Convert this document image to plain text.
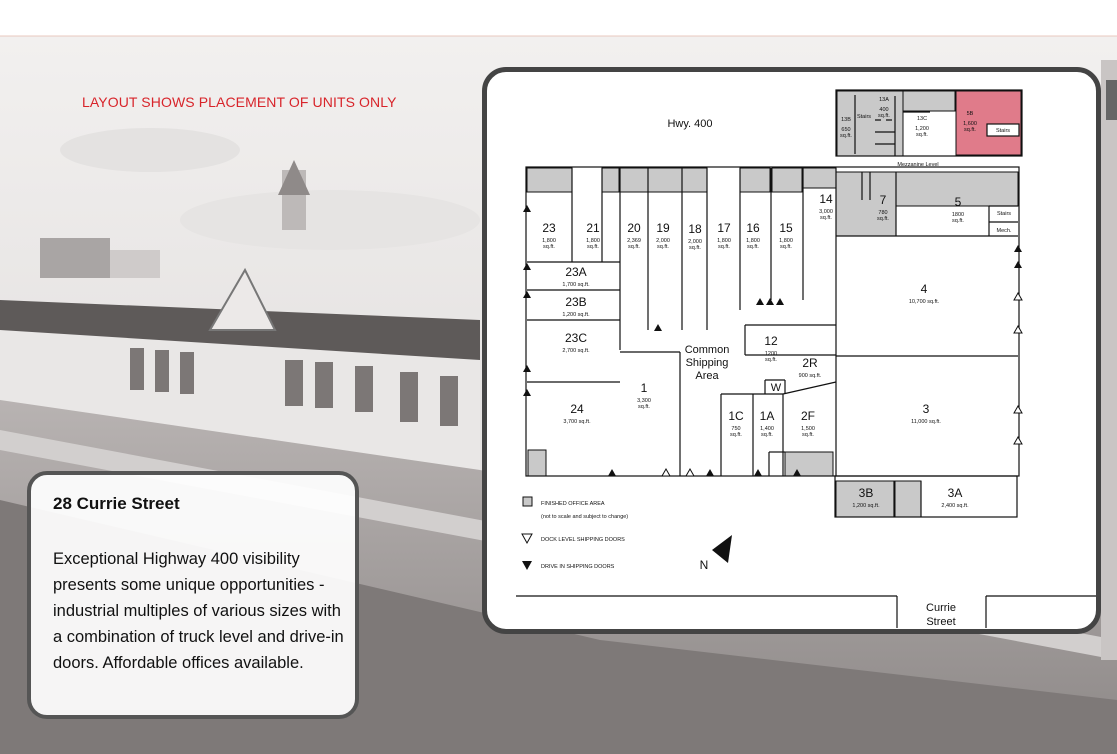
LAYOUT SHOWS PLACEMENT OF UNITS ONLY
28 Currie Street
Exceptional Highway 400 visibility presents some unique opportunities - industrial multiples of various sizes with a combination of truck level and drive-in doors. Affordable offices available.
23
1,800
sq.ft.
21
1,800
sq.ft.
20
2,369
sq.ft.
19
2,000
sq.ft.
18
2,000
sq.ft.
17
1,800
sq.ft.
16
1,800
sq.ft.
15
1,800
sq.ft.
14
3,000
sq.ft.
7
780
sq.ft.
5
1800
sq.ft.
4
10,700 sq.ft.
3
11,000 sq.ft.
23A
1,700 sq.ft.
23B
1,200 sq.ft.
23C
2,700 sq.ft.
24
3,700 sq.ft.
1
3,300
sq.ft.
1C
750
sq.ft.
1A
1,400
sq.ft.
2F
1,500
sq.ft.
12
1200
sq.ft. 2R
900 sq.ft.
3B
1,200 sq.ft.
3A
2,400 sq.ft.
13B
650
sq.ft.
13A
400
sq.ft.	13C
1,200
sq.ft.
5B
1,600
sq.ft.	Stairs
Stairs
Mezzanine Level
Stairs
Mech.
W
Hwy. 400
Currie
Street
Common
Shipping
Area
FINISHED OFFICE AREA
(not to scale and subject to change)
DOCK LEVEL SHIPPING DOORS
DRIVE IN SHIPPING DOORS	N
